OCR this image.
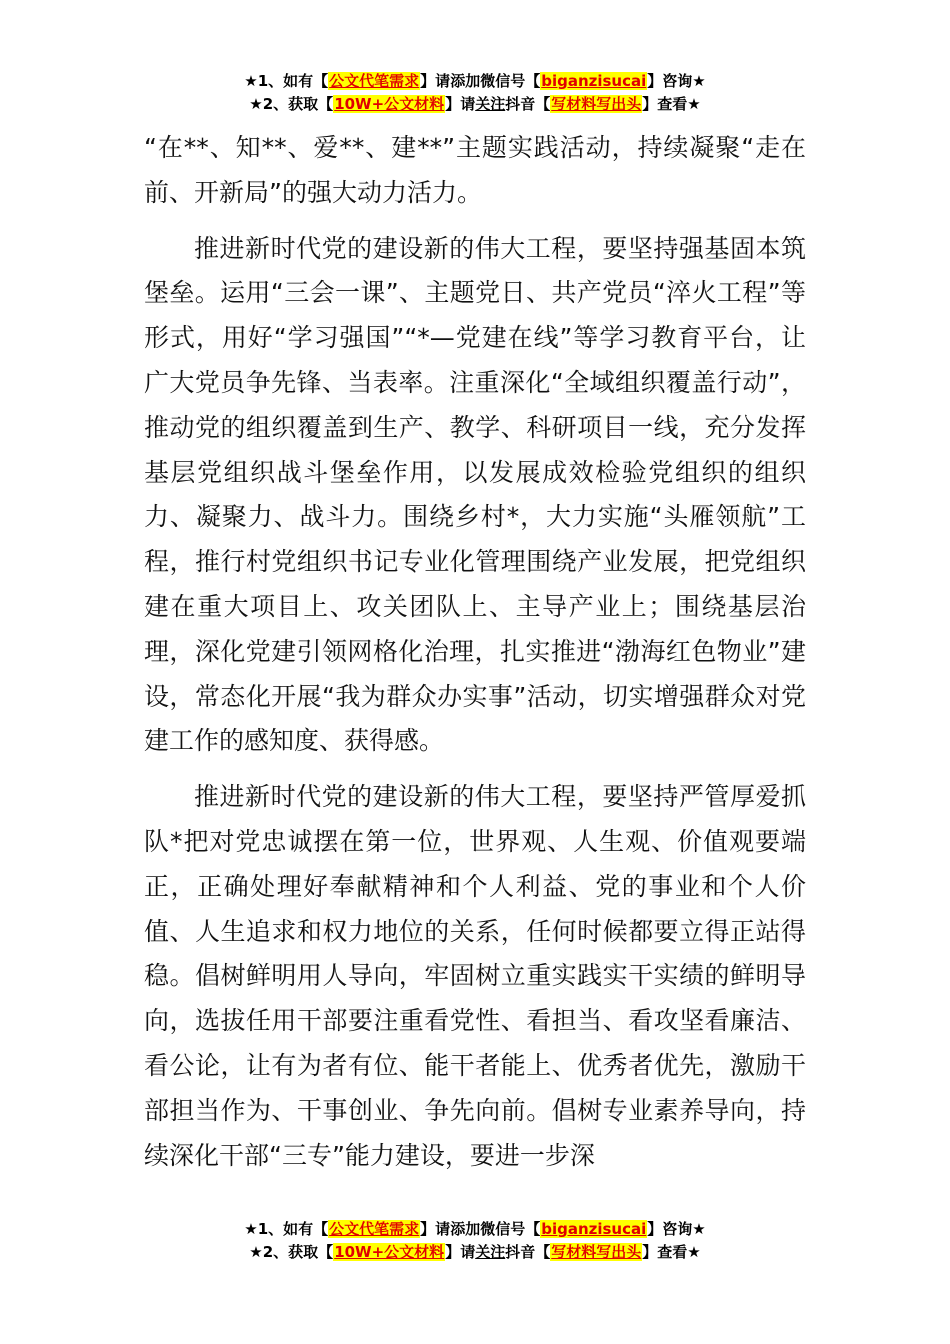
★1、如有【公文代笔需求】请添加微信号【biganzisucai】咨询★
★2、获取【10W+公文材料】请关注抖音【写材料写出头】查看★

“在**、知**、爱**、建**”主题实践活动，持续凝聚“走在前、开新局”的强大动力活力。

推进新时代党的建设新的伟大工程，要坚持强基固本筑堡垒。运用“三会一课”、主题党日、共产党员“淬火工程”等形式，用好“学习强国”“*—党建在线”等学习教育平台，让广大党员争先锋、当表率。注重深化“全域组织覆盖行动”，推动党的组织覆盖到生产、教学、科研项目一线，充分发挥基层党组织战斗堡垒作用，以发展成效检验党组织的组织力、凝聚力、战斗力。围绕乡村*，大力实施“头雁领航”工程，推行村党组织书记专业化管理围绕产业发展，把党组织建在重大项目上、攻关团队上、主导产业上；围绕基层治理，深化党建引领网格化治理，扎实推进“渤海红色物业”建设，常态化开展“我为群众办实事”活动，切实增强群众对党建工作的感知度、获得感。

推进新时代党的建设新的伟大工程，要坚持严管厚爱抓队*把对党忠诚摆在第一位，世界观、人生观、价值观要端正，正确处理好奉献精神和个人利益、党的事业和个人价值、人生追求和权力地位的关系，任何时候都要立得正站得稳。倡树鲜明用人导向，牢固树立重实践实干实绩的鲜明导向，选拔任用干部要注重看党性、看担当、看攻坚看廉洁、看公论，让有为者有位、能干者能上、优秀者优先，激励干部担当作为、干事创业、争先向前。倡树专业素养导向，持续深化干部“三专”能力建设，要进一步深

★1、如有【公文代笔需求】请添加微信号【biganzisucai】咨询★
★2、获取【10W+公文材料】请关注抖音【写材料写出头】查看★
